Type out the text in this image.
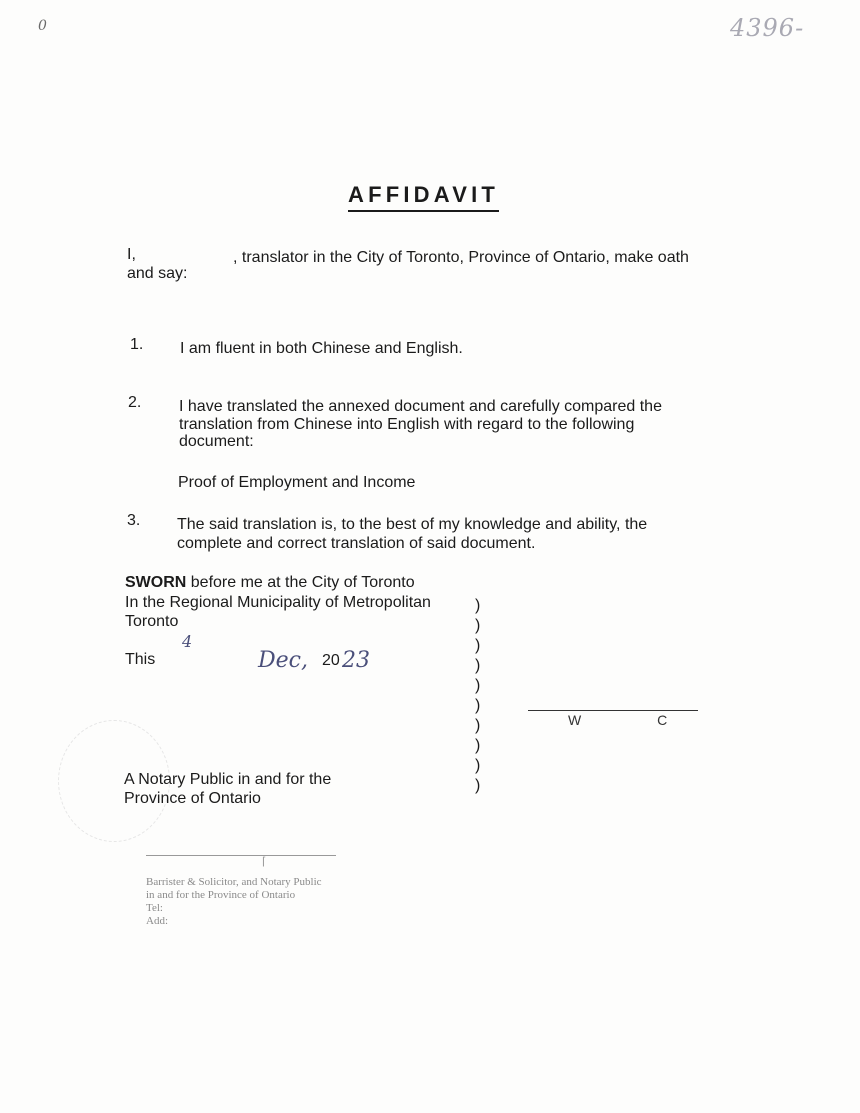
0	4396-
AFFIDAVIT
I,	, translator in the City of Toronto, Province of Ontario, make oath
and say:
1. I am fluent in both Chinese and English.
2. I have translated the annexed document and carefully compared the
translation from Chinese into English with regard to the following
document:
Proof of Employment and Income
3. The said translation is, to the best of my knowledge and ability, the
complete and correct translation of said document.
SWORN before me at the City of Toronto
In the Regional Municipality of Metropolitan
Toronto
This
4
Dec, 20 23
)
)
)
)
)
)
)
)
)
)
W C
A Notary Public in and for the
Province of Ontario
⌈
Barrister & Solicitor, and Notary Public
in and for the Province of Ontario
Tel:
Add:
